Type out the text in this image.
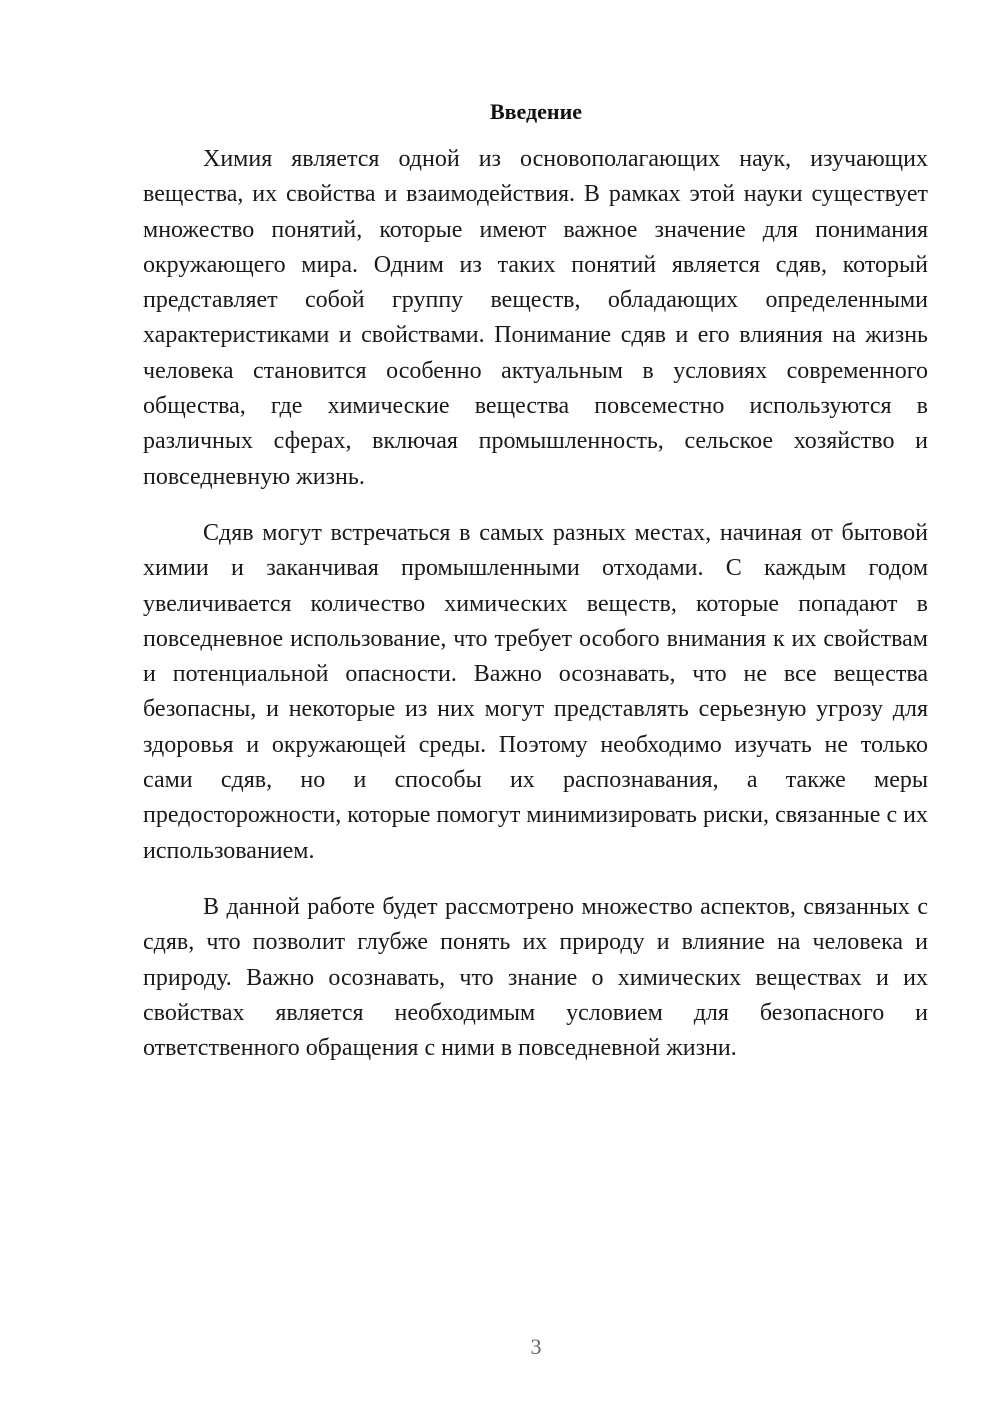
Введение

Химия является одной из основополагающих наук, изучающих вещества, их свойства и взаимодействия. В рамках этой науки существует множество понятий, которые имеют важное значение для понимания окружающего мира. Одним из таких понятий является сдяв, который представляет собой группу веществ, обладающих определенными характеристиками и свойствами. Понимание сдяв и его влияния на жизнь человека становится особенно актуальным в условиях современного общества, где химические вещества повсеместно используются в различных сферах, включая промышленность, сельское хозяйство и повседневную жизнь.

Сдяв могут встречаться в самых разных местах, начиная от бытовой химии и заканчивая промышленными отходами. С каждым годом увеличивается количество химических веществ, которые попадают в повседневное использование, что требует особого внимания к их свойствам и потенциальной опасности. Важно осознавать, что не все вещества безопасны, и некоторые из них могут представлять серьезную угрозу для здоровья и окружающей среды. Поэтому необходимо изучать не только сами сдяв, но и способы их распознавания, а также меры предосторожности, которые помогут минимизировать риски, связанные с их использованием.

В данной работе будет рассмотрено множество аспектов, связанных с сдяв, что позволит глубже понять их природу и влияние на человека и природу. Важно осознавать, что знание о химических веществах и их свойствах является необходимым условием для безопасного и ответственного обращения с ними в повседневной жизни.

3
